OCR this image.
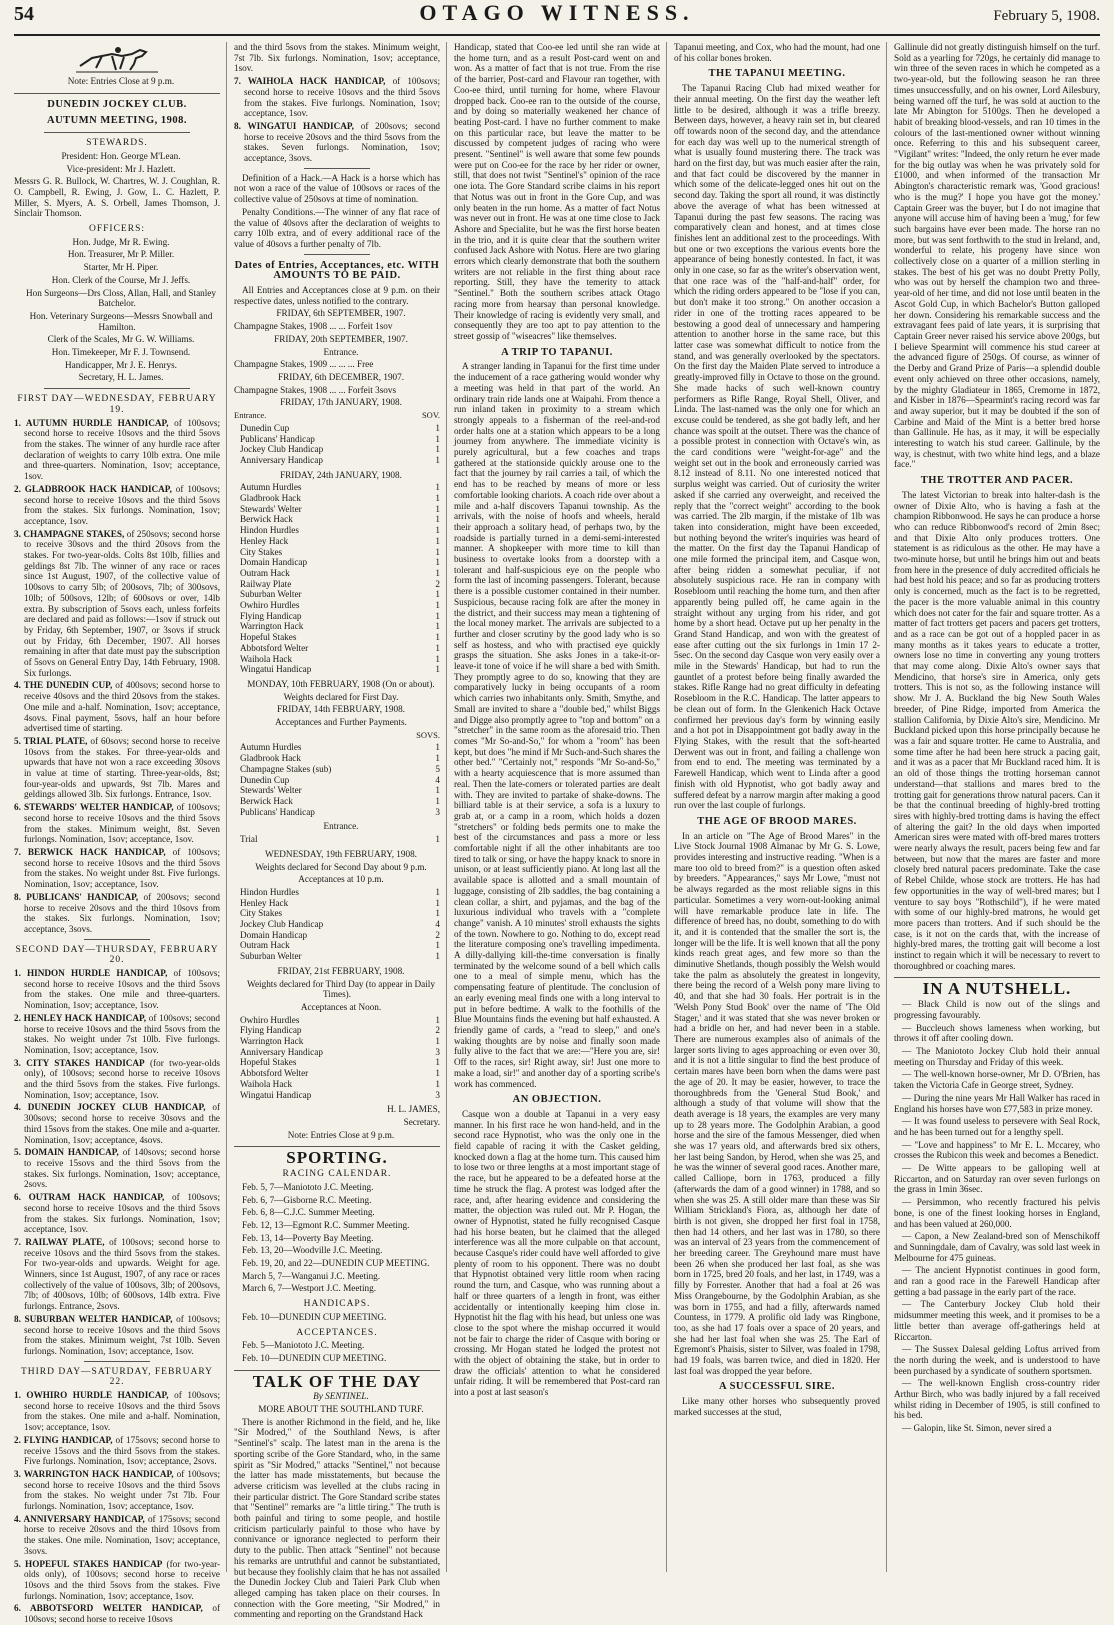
54	OTAGO WITNESS.	February 5, 1908.

Note: Entries Close at 9 p.m.

DUNEDIN JOCKEY CLUB.
AUTUMN MEETING, 1908.
STEWARDS.

President: Hon. George M'Lean.

Vice-president: Mr J. Hazlett.

Messrs G. R. Bullock, W. Chartres, W. J. Coughlan, R. O. Campbell, R. Ewing, J. Gow, L. C. Hazlett, P. Miller, S. Myers, A. S. Orbell, James Thomson, J. Sinclair Thomson.

OFFICERS:

Hon. Judge, Mr R. Ewing.

Hon. Treasurer, Mr P. Miller.

Starter, Mr H. Piper.

Hon. Clerk of the Course, Mr J. Jeffs.

Hon Surgeons—Drs Closs, Allan, Hall, and Stanley Batchelor.

Hon. Veterinary Surgeons—Messrs Snowball and Hamilton.

Clerk of the Scales, Mr G. W. Williams.

Hon. Timekeeper, Mr F. J. Townsend.

Handicapper, Mr J. E. Henrys.

Secretary, H. L. James.

FIRST DAY—WEDNESDAY, FEBRUARY 19.
1. AUTUMN HURDLE HANDICAP, of 100sovs; second horse to receive 10sovs and the third 5sovs from the stakes. The winner of any hurdle race after declaration of weights to carry 10lb extra. One mile and three-quarters. Nomination, 1sov; acceptance, 1sov.
2. GLADBROOK HACK HANDICAP, of 100sovs; second horse to receive 10sovs and the third 5sovs from the stakes. Six furlongs. Nomination, 1sov; acceptance, 1sov.
3. CHAMPAGNE STAKES, of 250sovs; second horse to receive 30sovs and the third 20sovs from the stakes. For two-year-olds. Colts 8st 10lb, fillies and geldings 8st 7lb. The winner of any race or races since 1st August, 1907, of the collective value of 100sovs to carry 5lb; of 200sovs, 7lb; of 300sovs, 10lb; of 500sovs, 12lb; of 600sovs or over, 14lb extra. By subscription of 5sovs each, unless forfeits are declared and paid as follows:—1sov if struck out by Friday, 6th September, 1907, or 3sovs if struck out by Friday, 6th December, 1907. All horses remaining in after that date must pay the subscription of 5sovs on General Entry Day, 14th February, 1908. Six furlongs.
4. THE DUNEDIN CUP, of 400sovs; second horse to receive 40sovs and the third 20sovs from the stakes. One mile and a-half. Nomination, 1sov; acceptance, 4sovs. Final payment, 5sovs, half an hour before advertised time of starting.
5. TRIAL PLATE, of 60sovs; second horse to receive 10sovs from the stakes. For three-year-olds and upwards that have not won a race exceeding 30sovs in value at time of starting. Three-year-olds, 8st; four-year-olds and upwards, 9st 7lb. Mares and geldings allowed 3lb. Six furlongs. Entrance, 1sov.
6. STEWARDS' WELTER HANDICAP, of 100sovs; second horse to receive 10sovs and the third 5sovs from the stakes. Minimum weight, 8st. Seven furlongs. Nomination, 1sov; acceptance, 1sov.
7. BERWICK HACK HANDICAP, of 100sovs; second horse to receive 10sovs and the third 5sovs from the stakes. No weight under 8st. Five furlongs. Nomination, 1sov; acceptance, 1sov.
8. PUBLICANS' HANDICAP, of 200sovs; second horse to receive 20sovs and the third 10sovs from the stakes. Six furlongs. Nomination, 1sov; acceptance, 3sovs.
SECOND DAY—THURSDAY, FEBRUARY 20.
1. HINDON HURDLE HANDICAP, of 100sovs; second horse to receive 10sovs and the third 5sovs from the stakes. One mile and three-quarters. Nomination, 1sov; acceptance, 1sov.
2. HENLEY HACK HANDICAP, of 100sovs; second horse to receive 10sovs and the third 5sovs from the stakes. No weight under 7st 10lb. Five furlongs. Nomination, 1sov; acceptance, 1sov.
3. CITY STAKES HANDICAP (for two-year-olds only), of 100sovs; second horse to receive 10sovs and the third 5sovs from the stakes. Five furlongs. Nomination, 1sov; acceptance, 1sov.
4. DUNEDIN JOCKEY CLUB HANDICAP, of 300sovs; second horse to receive 30sovs and the third 15sovs from the stakes. One mile and a-quarter. Nomination, 1sov; acceptance, 4sovs.
5. DOMAIN HANDICAP, of 140sovs; second horse to receive 15sovs and the third 5sovs from the stakes. Six furlongs. Nomination, 1sov; acceptance, 2sovs.
6. OUTRAM HACK HANDICAP, of 100sovs; second horse to receive 10sovs and the third 5sovs from the stakes. Six furlongs. Nomination, 1sov; acceptance, 1sov.
7. RAILWAY PLATE, of 100sovs; second horse to receive 10sovs and the third 5sovs from the stakes. For two-year-olds and upwards. Weight for age. Winners, since 1st August, 1907, of any race or races collectively of the value of 100sovs, 3lb; of 200sovs, 7lb; of 400sovs, 10lb; of 600sovs, 14lb extra. Five furlongs. Entrance, 2sovs.
8. SUBURBAN WELTER HANDICAP, of 100sovs; second horse to receive 10sovs and the third 5sovs from the stakes. Minimum weight, 7st 10lb. Seven furlongs. Nomination, 1sov; acceptance, 1sov.
THIRD DAY—SATURDAY, FEBRUARY 22.
1. OWHIRO HURDLE HANDICAP, of 100sovs; second horse to receive 10sovs and the third 5sovs from the stakes. One mile and a-half. Nomination, 1sov; acceptance, 1sov.
2. FLYING HANDICAP, of 175sovs; second horse to receive 15sovs and the third 5sovs from the stakes. Five furlongs. Nomination, 1sov; acceptance, 2sovs.
3. WARRINGTON HACK HANDICAP, of 100sovs; second horse to receive 10sovs and the third 5sovs from the stakes. No weight under 7st 7lb. Four furlongs. Nomination, 1sov; acceptance, 1sov.
4. ANNIVERSARY HANDICAP, of 175sovs; second horse to receive 20sovs and the third 10sovs from the stakes. One mile. Nomination, 1sov; acceptance, 3sovs.
5. HOPEFUL STAKES HANDICAP (for two-year-olds only), of 100sovs; second horse to receive 10sovs and the third 5sovs from the stakes. Five furlongs. Nomination, 1sov; acceptance, 1sov.
6. ABBOTSFORD WELTER HANDICAP, of 100sovs; second horse to receive 10sovs

and the third 5sovs from the stakes. Minimum weight, 7st 7lb. Six furlongs. Nomination, 1sov; acceptance, 1sov.

7. WAIHOLA HACK HANDICAP, of 100sovs; second horse to receive 10sovs and the third 5sovs from the stakes. Five furlongs. Nomination, 1sov; acceptance, 1sov.
8. WINGATUI HANDICAP, of 200sovs; second horse to receive 20sovs and the third 5sovs from the stakes. Seven furlongs. Nomination, 1sov; acceptance, 3sovs.

Definition of a Hack.—A Hack is a horse which has not won a race of the value of 100sovs or races of the collective value of 250sovs at time of nomination.

Penalty Conditions.—The winner of any flat race of the value of 40sovs after the declaration of weights to carry 10lb extra, and of every additional race of the value of 40sovs a further penalty of 7lb.

Dates of Entries, Acceptances, etc. WITH AMOUNTS TO BE PAID.

All Entries and Acceptances close at 9 p.m. on their respective dates, unless notified to the contrary.

FRIDAY, 6th SEPTEMBER, 1907.

Champagne Stakes, 1908 ... ... Forfeit 1sov

FRIDAY, 20th SEPTEMBER, 1907.

Entrance.

Champagne Stakes, 1909 ... ... ... Free

FRIDAY, 6th DECEMBER, 1907.

Champagne Stakes, 1908 ... ... Forfeit 3sovs

FRIDAY, 17th JANUARY, 1908.

Entrance.	SOV.
Dunedin Cup	1
Publicans' Handicap	1
Jockey Club Handicap	1
Anniversary Handicap	1

FRIDAY, 24th JANUARY, 1908.

Autumn Hurdles	1
Gladbrook Hack	1
Stewards' Welter	1
Berwick Hack	1
Hindon Hurdles	1
Henley Hack	1
City Stakes	1
Domain Handicap	1
Outram Hack	1
Railway Plate	2
Suburban Welter	1
Owhiro Hurdles	1
Flying Handicap	1
Warrington Hack	1
Hopeful Stakes	1
Abbotsford Welter	1
Waihola Hack	1
Wingatui Handicap	1

MONDAY, 10th FEBRUARY, 1908 (On or about).

Weights declared for First Day.

FRIDAY, 14th FEBRUARY, 1908.

Acceptances and Further Payments.

SOVS.
Autumn Hurdles	1
Gladbrook Hack	1
Champagne Stakes (sub)	5
Dunedin Cup	4
Stewards' Welter	1
Berwick Hack	1
Publicans' Handicap	3

Entrance.

Trial	1

WEDNESDAY, 19th FEBRUARY, 1908.

Weights declared for Second Day about 9 p.m.

Acceptances at 10 p.m.

Hindon Hurdles	1
Henley Hack	1
City Stakes	1
Jockey Club Handicap	4
Domain Handicap	2
Outram Hack	1
Suburban Welter	1

FRIDAY, 21st FEBRUARY, 1908.

Weights declared for Third Day (to appear in Daily Times).

Acceptances at Noon.

Owhiro Hurdles	1
Flying Handicap	2
Warrington Hack	1
Anniversary Handicap	3
Hopeful Stakes	1
Abbotsford Welter	1
Waihola Hack	1
Wingatui Handicap	3

H. L. JAMES,

Secretary.

Note: Entries Close at 9 p.m.

SPORTING.
RACING CALENDAR.

Feb. 5, 7—Maniototo J.C. Meeting.

Feb. 6, 7—Gisborne R.C. Meeting.

Feb. 6, 8—C.J.C. Summer Meeting.

Feb. 12, 13—Egmont R.C. Summer Meeting.

Feb. 13, 14—Poverty Bay Meeting.

Feb. 13, 20—Woodville J.C. Meeting.

Feb. 19, 20, and 22—DUNEDIN CUP MEETING.

March 5, 7—Wanganui J.C. Meeting.

March 6, 7—Westport J.C. Meeting.

HANDICAPS.

Feb. 10—DUNEDIN CUP MEETING.

ACCEPTANCES.

Feb. 5—Maniototo J.C. Meeting.

Feb. 10—DUNEDIN CUP MEETING.

TALK OF THE DAY

By SENTINEL.

MORE ABOUT THE SOUTHLAND TURF.

There is another Richmond in the field, and he, like "Sir Modred," of the Southland News, is after "Sentinel's" scalp. The latest man in the arena is the sporting scribe of the Gore Standard, who, in the same spirit as "Sir Modred," attacks "Sentinel," not because the latter has made misstatements, but because the adverse criticism was levelled at the clubs racing in their particular district. The Gore Standard scribe states that "Sentinel" remarks are "a little tiring." The truth is both painful and tiring to some people, and hostile criticism particularly painful to those who have by connivance or ignorance neglected to perform their duty to the public. Then attack "Sentinel" not because his remarks are untruthful and cannot be substantiated, but because they foolishly claim that he has not assailed the Dunedin Jockey Club and Taieri Park Club when alleged camping has taken place on their courses. In connection with the Gore meeting, "Sir Modred," in commenting and reporting on the Grandstand Hack

Handicap, stated that Coo-ee led until she ran wide at the home turn, and as a result Post-card went on and won. As a matter of fact that is not true. From the rise of the barrier, Post-card and Flavour ran together, with Coo-ee third, until turning for home, where Flavour dropped back. Coo-ee ran to the outside of the course, and by doing so materially weakened her chance of beating Post-card. I have no further comment to make on this particular race, but leave the matter to be discussed by competent judges of racing who were present. "Sentinel" is well aware that some few pounds were put on Coo-ee for the race by her rider or owner, still, that does not twist "Sentinel's" opinion of the race one iota. The Gore Standard scribe claims in his report that Notus was out in front in the Gore Cup, and was only beaten in the run home. As a matter of fact Notus was never out in front. He was at one time close to Jack Ashore and Specialite, but he was the first horse beaten in the trio, and it is quite clear that the southern writer confused Jack Ashore with Notus. Here are two glaring errors which clearly demonstrate that both the southern writers are not reliable in the first thing about race reporting. Still, they have the temerity to attack "Sentinel." Both the southern scribes attack Otago racing more from hearsay than personal knowledge. Their knowledge of racing is evidently very small, and consequently they are too apt to pay attention to the street gossip of "wiseacres" like themselves.

A TRIP TO TAPANUI.

A stranger landing in Tapanui for the first time under the inducement of a race gathering would wonder why a meeting was held in that part of the world. An ordinary train ride lands one at Waipahi. From thence a run inland taken in proximity to a stream which strongly appeals to a fisherman of the reel-and-rod order halts one at a station which appears to be a long journey from anywhere. The immediate vicinity is purely agricultural, but a few coaches and traps gathered at the stationside quickly arouse one to the fact that the journey by rail carries a tail, of which the end has to be reached by means of more or less comfortable looking chariots. A coach ride over about a mile and a-half discovers Tapanui township. As the arrivals, with the noise of hoofs and wheels, herald their approach a solitary head, of perhaps two, by the roadside is partially turned in a demi-semi-interested manner. A shopkeeper with more time to kill than business to overtake looks from a doorstep with a tolerant and half-suspicious eye on the people who form the last of incoming passengers. Tolerant, because there is a possible customer contained in their number. Suspicious, because racing folk are after the money in the district, and their success may mean a tightening of the local money market. The arrivals are subjected to a further and closer scrutiny by the good lady who is so self as hostess, and who with practised eye quickly grasps the situation. She asks Jones in a take-it-or-leave-it tone of voice if he will share a bed with Smith. They promptly agree to do so, knowing that they are comparatively lucky in being occupants of a room which carries two inhabitants only. Smith, Smythe, and Small are invited to share a "double bed," whilst Biggs and Digge also promptly agree to "top and bottom" on a "stretcher" in the same room as the aforesaid trio. Then comes "Mr So-and-So," for whom a "room" has been kept, but does "he mind if Mr Such-and-Such shares the other bed." "Certainly not," responds "Mr So-and-So," with a hearty acquiescence that is more assumed than real. Then the late-comers or tolerated parties are dealt with. They are invited to partake of shake-downs. The billiard table is at their service, a sofa is a luxury to grab at, or a camp in a room, which holds a dozen "stretchers" or folding beds permits one to make the best of the circumstances and pass a more or less comfortable night if all the other inhabitants are too tired to talk or sing, or have the happy knack to snore in unison, or at least sufficiently piano. At long last all the available space is allotted and a small mountain of luggage, consisting of 2lb saddles, the bag containing a clean collar, a shirt, and pyjamas, and the bag of the luxurious individual who travels with a "complete change" vanish. A 10 minutes' stroll exhausts the sights of the town. Nowhere to go. Nothing to do, except read the literature composing one's travelling impedimenta. A dilly-dallying kill-the-time conversation is finally terminated by the welcome sound of a bell which calls one to a meal of simple menu, which has the compensating feature of plentitude. The conclusion of an early evening meal finds one with a long interval to put in before bedtime. A walk to the foothills of the Blue Mountains finds the evening but half exhausted. A friendly game of cards, a "read to sleep," and one's waking thoughts are by noise and finally soon made fully alive to the fact that we are:—"Here you are, sir! Off to the races, sir! Right away, sir! Just one more to make a load, sir!" and another day of a sporting scribe's work has commenced.

AN OBJECTION.

Casque won a double at Tapanui in a very easy manner. In his first race he won hand-held, and in the second race Hypnotist, who was the only one in the field capable of racing it with the Casket gelding, knocked down a flag at the home turn. This caused him to lose two or three lengths at a most important stage of the race, but he appeared to be a defeated horse at the time he struck the flag. A protest was lodged after the race, and, after hearing evidence and considering the matter, the objection was ruled out. Mr P. Hogan, the owner of Hypnotist, stated he fully recognised Casque had his horse beaten, but he claimed that the alleged interference was all the more culpable on that account, because Casque's rider could have well afforded to give plenty of room to his opponent. There was no doubt that Hypnotist obtained very little room when racing round the turn, and Casque, who was running about a half or three quarters of a length in front, was either accidentally or intentionally keeping him close in. Hypnotist hit the flag with his head, but unless one was close to the spot where the mishap occurred it would not be fair to charge the rider of Casque with boring or crossing. Mr Hogan stated he lodged the protest not with the object of obtaining the stake, but in order to draw the officials' attention to what he considered unfair riding. It will be remembered that Post-card ran into a post at last season's

Tapanui meeting, and Cox, who had the mount, had one of his collar bones broken.

THE TAPANUI MEETING.

The Tapanui Racing Club had mixed weather for their annual meeting. On the first day the weather left little to be desired, although it was a trifle breezy. Between days, however, a heavy rain set in, but cleared off towards noon of the second day, and the attendance for each day was well up to the numerical strength of what is usually found mustering there. The track was hard on the first day, but was much easier after the rain, and that fact could be discovered by the manner in which some of the delicate-legged ones hit out on the second day. Taking the sport all round, it was distinctly above the average of what has been witnessed at Tapanui during the past few seasons. The racing was comparatively clean and honest, and at times close finishes lent an additional zest to the proceedings. With but one or two exceptions the various events bore the appearance of being honestly contested. In fact, it was only in one case, so far as the writer's observation went, that one race was of the "half-and-half" order, for which the riding orders appeared to be "lose if you can, but don't make it too strong." On another occasion a rider in one of the trotting races appeared to be bestowing a good deal of unnecessary and hampering attention to another horse in the same race, but this latter case was somewhat difficult to notice from the stand, and was generally overlooked by the spectators. On the first day the Maiden Plate served to introduce a greatly-improved filly in Octave to those on the ground. She made hacks of such well-known country performers as Rifle Range, Royal Shell, Oliver, and Linda. The last-named was the only one for which an excuse could be tendered, as she got badly left, and her chance was spoilt at the outset. There was the chance of a possible protest in connection with Octave's win, as the card conditions were "weight-for-age" and the weight set out in the book and erroneously carried was 8.12 instead of 8.11. No one interested noticed that surplus weight was carried. Out of curiosity the writer asked if she carried any overweight, and received the reply that the "correct weight" according to the book was carried. The 2lb margin, if the mistake of 1lb was taken into consideration, might have been exceeded, but nothing beyond the writer's inquiries was heard of the matter. On the first day the Tapanui Handicap of one mile formed the principal item, and Casque won, after being ridden a somewhat peculiar, if not absolutely suspicious race. He ran in company with Rosebloom until reaching the home turn, and then after apparently being pulled off, he came again in the straight without any urging from his rider, and got home by a short head. Octave put up her penalty in the Grand Stand Handicap, and won with the greatest of ease after cutting out the six furlongs in 1min 17 2-5sec. On the second day Casque won very easily over a mile in the Stewards' Handicap, but had to run the gauntlet of a protest before being finally awarded the stakes. Rifle Range had no great difficulty in defeating Rosebloom in the R.C. Handicap. The latter appears to be clean out of form. In the Glenkenich Hack Octave confirmed her previous day's form by winning easily and a hot pot in Disappointment got badly away in the Flying Stakes, with the result that the soft-hearted Derwent was out in front, and failing a challenge won from end to end. The meeting was terminated by a Farewell Handicap, which went to Linda after a good finish with old Hypnotist, who got badly away and suffered defeat by a narrow margin after making a good run over the last couple of furlongs.

THE AGE OF BROOD MARES.

In an article on "The Age of Brood Mares" in the Live Stock Journal 1908 Almanac by Mr G. S. Lowe, provides interesting and instructive reading. "When is a mare too old to breed from?" is a question often asked by breeders. "Appearances," says Mr Lowe, "must not be always regarded as the most reliable signs in this particular. Sometimes a very worn-out-looking animal will have remarkable produce late in life. The difference of breed has, no doubt, something to do with it, and it is contended that the smaller the sort is, the longer will be the life. It is well known that all the pony kinds reach great ages, and few more so than the diminutive Shetlands, though possibly the Welsh would take the palm as absolutely the greatest in longevity, there being the record of a Welsh pony mare living to 40, and that she had 30 foals. Her portrait is in the 'Welsh Pony Stud Book' over the name of 'The Old Stager,' and it was stated that she was never broken or had a bridle on her, and had never been in a stable. There are numerous examples also of animals of the larger sorts living to ages approaching or even over 30, and it is not a little singular to find the best produce of certain mares have been born when the dams were past the age of 20. It may be easier, however, to trace the thoroughbreds from the 'General Stud Book,' and although a study of that volume will show that the death average is 18 years, the examples are very many up to 28 years more. The Godolphin Arabian, a good horse and the sire of the famous Messenger, died when she was 17 years old, and afterwards bred six others, her last being Sandon, by Herod, when she was 25, and he was the winner of several good races. Another mare, called Calliope, born in 1763, produced a filly (afterwards the dam of a good winner) in 1788, and so when she was 25. A still older mare than these was Sir William Strickland's Fiora, as, although her date of birth is not given, she dropped her first foal in 1758, then had 14 others, and her last was in 1780, so there was an interval of 23 years from the commencement of her breeding career. The Greyhound mare must have been 26 when she produced her last foal, as she was born in 1725, bred 20 foals, and her last, in 1749, was a filly by Forrester. Another that had a foal at 26 was Miss Orangebourne, by the Godolphin Arabian, as she was born in 1755, and had a filly, afterwards named Countess, in 1779. A prolific old lady was Ringbone, too, as she had 17 foals over a space of 20 years, and she had her last foal when she was 25. The Earl of Egremont's Phaisis, sister to Silver, was foaled in 1798, had 19 foals, was barren twice, and died in 1820. Her last foal was dropped the year before.

A SUCCESSFUL SIRE.

Like many other horses who subsequently proved marked successes at the stud,

Gallinule did not greatly distinguish himself on the turf. Sold as a yearling for 720gs, he certainly did manage to win three of the seven races in which he competed as a two-year-old, but the following season he ran three times unsuccessfully, and on his owner, Lord Ailesbury, being warned off the turf, he was sold at auction to the late Mr Abington for 5100gs. Then he developed a habit of breaking blood-vessels, and ran 10 times in the colours of the last-mentioned owner without winning once. Referring to this and his subsequent career, "Vigilant" writes: "Indeed, the only return he ever made for the big outlay was when he was privately sold for £1000, and when informed of the transaction Mr Abington's characteristic remark was, 'Good gracious! who is the mug?' I hope you have got the money.' Captain Greer was the buyer, but I do not imagine that anyone will accuse him of having been a 'mug,' for few such bargains have ever been made. The horse ran no more, but was sent forthwith to the stud in Ireland, and, wonderful to relate, his progeny have since won collectively close on a quarter of a million sterling in stakes. The best of his get was no doubt Pretty Polly, who was out by herself the champion two and three-year-old of her time, and did not lose until beaten in the Ascot Gold Cup, in which Bachelor's Button galloped her down. Considering his remarkable success and the extravagant fees paid of late years, it is surprising that Captain Greer never raised his service above 200gs, but I believe Spearmint will commence his stud career at the advanced figure of 250gs. Of course, as winner of the Derby and Grand Prize of Paris—a splendid double event only achieved on three other occasions, namely, by the mighty Gladiateur in 1865, Cremorne in 1872, and Kisber in 1876—Spearmint's racing record was far and away superior, but it may be doubted if the son of Carbine and Maid of the Mint is a better bred horse than Gallinule. He has, as it may, it will be especially interesting to watch his stud career. Gallinule, by the way, is chestnut, with two white hind legs, and a blaze face."

THE TROTTER AND PACER.

The latest Victorian to break into halter-dash is the owner of Dixie Alto, who is having a fash at the champion Ribbonwood. He says he can produce a horse who can reduce Ribbonwood's record of 2min 8sec; and that Dixie Alto only produces trotters. One statement is as ridiculous as the other. He may have a two-minute horse, but until he brings him out and beats from here in the presence of duly accredited officials he had best hold his peace; and so far as producing trotters only is concerned, much as the fact is to be regretted, the pacer is the more valuable animal in this country which does not cater for the fair and square trotter. As a matter of fact trotters get pacers and pacers get trotters, and as a race can be got out of a hoppled pacer in as many months as it takes years to educate a trotter, owners lose no time in converting any young trotters that may come along. Dixie Alto's owner says that Mendicino, that horse's sire in America, only gets trotters. This is not so, as the following instance will show. Mr J. A. Buckland the big New South Wales breeder, of Pine Ridge, imported from America the stallion California, by Dixie Alto's sire, Mendicino. Mr Buckland picked upon this horse principally because he was a fair and square trotter. He came to Australia, and some time after he had been here struck a pacing gait, and it was as a pacer that Mr Buckland raced him. It is an old of those things the trotting horseman cannot understand—that stallions and mares bred to the trotting gait for generations throw natural pacers. Can it be that the continual breeding of highly-bred trotting sires with highly-bred trotting dams is having the effect of altering the gait? In the old days when imported American sires were mated with off-bred mares trotters were nearly always the result, pacers being few and far between, but now that the mares are faster and more closely bred natural pacers predominate. Take the case of Rebel Childe, whose stock are trotters. He has had few opportunities in the way of well-bred mares; but I venture to say boys "Rothschild"), if he were mated with some of our highly-bred matrons, he would get more pacers than trotters. And if such should be the case, is it not on the cards that, with the increase of highly-bred mares, the trotting gait will become a lost instinct to regain which it will be necessary to revert to thoroughbred or coaching mares.

IN A NUTSHELL.

— Black Child is now out of the slings and progressing favourably.

— Buccleuch shows lameness when working, but throws it off after cooling down.

— The Maniototo Jockey Club hold their annual meeting on Thursday and Friday of this week.

— The well-known horse-owner, Mr D. O'Brien, has taken the Victoria Cafe in George street, Sydney.

— During the nine years Mr Hall Walker has raced in England his horses have won £77,583 in prize money.

— It was found useless to persevere with Seal Rock, and he has been turned out for a lengthy spell.

— "Love and happiness" to Mr E. L. Mccarey, who crosses the Rubicon this week and becomes a Benedict.

— De Witte appears to be galloping well at Riccarton, and on Saturday ran over seven furlongs on the grass in 1min 36sec.

— Persimmon, who recently fractured his pelvis bone, is one of the finest looking horses in England, and has been valued at 260,000.

— Capon, a New Zealand-bred son of Menschikoff and Sunningdale, dam of Cavalry, was sold last week in Melbourne for 475 guineas.

— The ancient Hypnotist continues in good form, and ran a good race in the Farewell Handicap after getting a bad passage in the early part of the race.

— The Canterbury Jockey Club hold their midsummer meeting this week, and it promises to be a little better than average off-gatherings held at Riccarton.

— The Sussex Dalesal gelding Loftus arrived from the north during the week, and is understood to have been purchased by a syndicate of southern sportsmen.

— The well-known English cross-country rider Arthur Birch, who was badly injured by a fall received whilst riding in December of 1905, is still confined to his bed.

— Galopin, like St. Simon, never sired a
